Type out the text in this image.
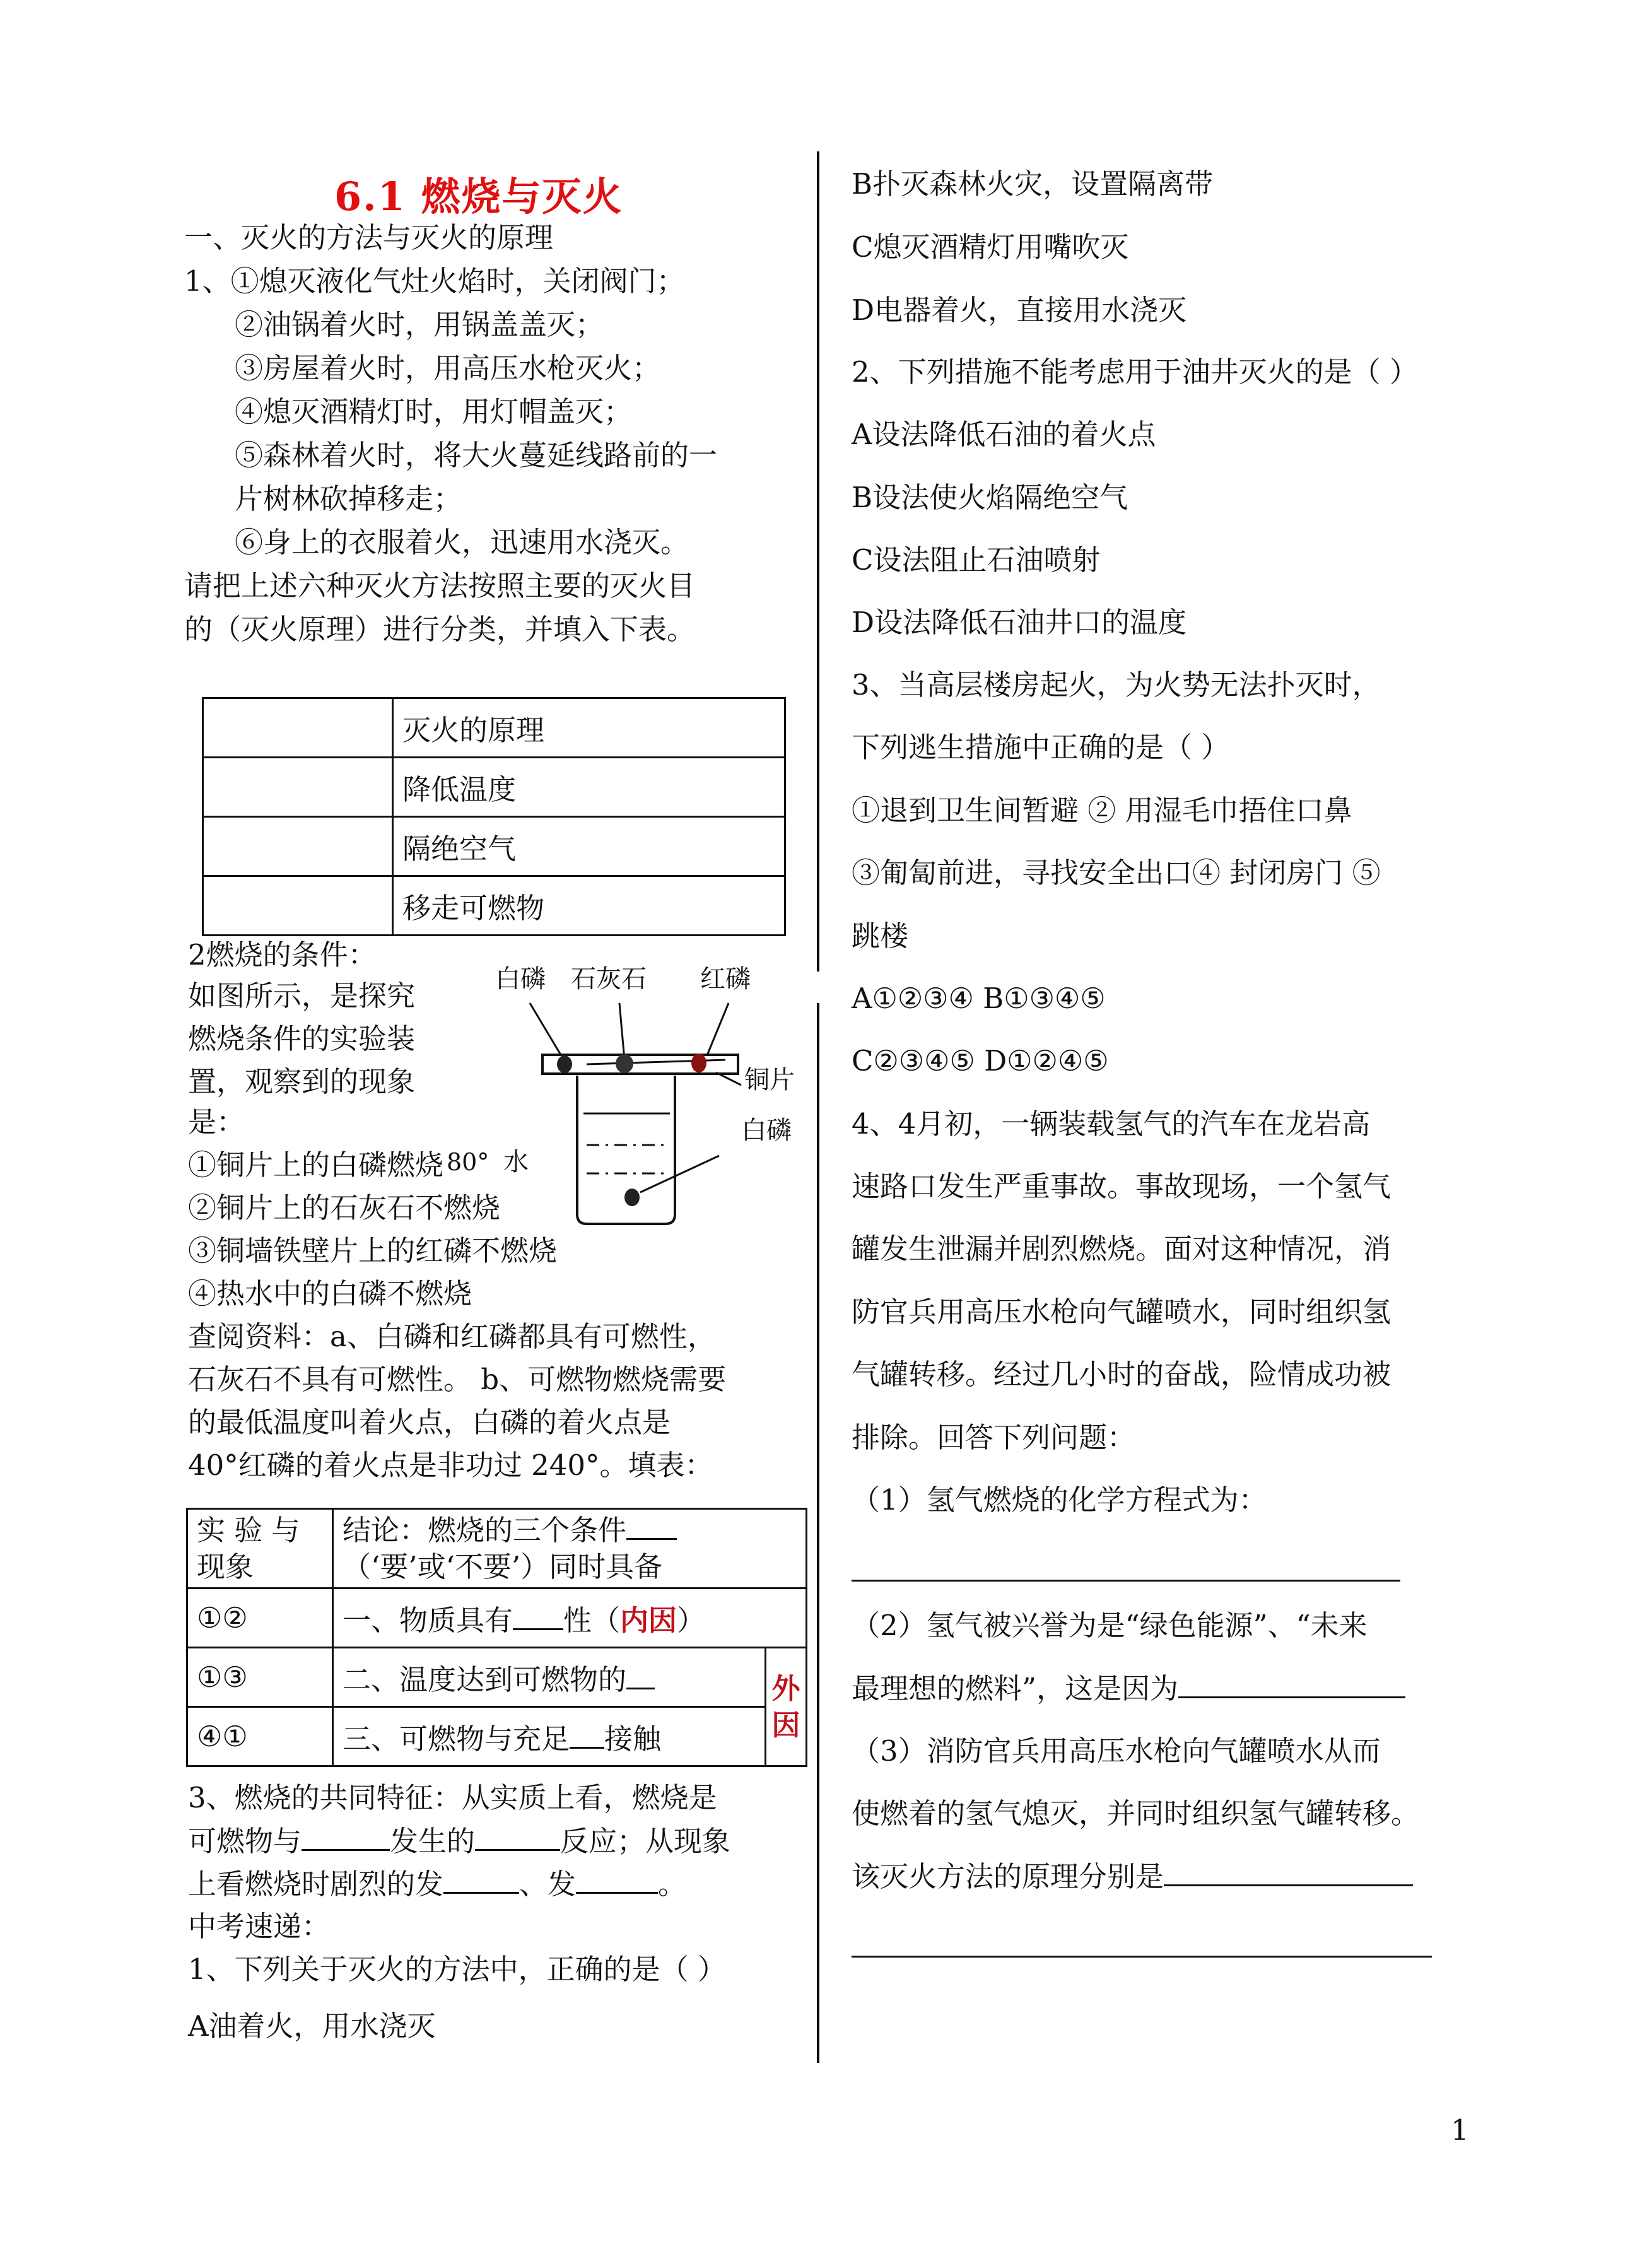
6.1 燃烧与灭火
一、灭火的方法与灭火的原理
1、①熄灭液化气灶火焰时，关闭阀门；
②油锅着火时，用锅盖盖灭；
③房屋着火时，用高压水枪灭火；
④熄灭酒精灯时，用灯帽盖灭；
⑤森林着火时，将大火蔓延线路前的一
片树林砍掉移走；
⑥身上的衣服着火，迅速用水浇灭。
请把上述六种灭火方法按照主要的灭火目
的（灭火原理）进行分类，并填入下表。
	灭火的原理
	降低温度
	隔绝空气
	移走可燃物
2燃烧的条件：
如图所示，是探究
燃烧条件的实验装
置，观察到的现象
是：
白磷 石灰石 红磷
铜片
白磷
80° 水
①铜片上的白磷燃烧
②铜片上的石灰石不燃烧
③铜墙铁壁片上的红磷不燃烧
④热水中的白磷不燃烧
查阅资料：a、白磷和红磷都具有可燃性，
石灰石不具有可燃性。 b、可燃物燃烧需要
的最低温度叫着火点，白磷的着火点是
40°红磷的着火点是非功过 240°。填表：
实 验 与 现象	结论：燃烧的三个条件
（‘要’或‘不要’）同时具备	
①②	一、物质具有 性（内因）	
①③	二、温度达到可燃物的	外因
④①	三、可燃物与充足 接触	
3、燃烧的共同特征：从实质上看，燃烧是
可燃物与	发生的	反应；从现象
上看燃烧时剧烈的发	、发	。
中考速递：
1、下列关于灭火的方法中，正确的是（ ）
A油着火，用水浇灭
B扑灭森林火灾，设置隔离带
C熄灭酒精灯用嘴吹灭
D电器着火，直接用水浇灭
2、下列措施不能考虑用于油井灭火的是（ ）
A设法降低石油的着火点
B设法使火焰隔绝空气
C设法阻止石油喷射
D设法降低石油井口的温度
3、当高层楼房起火，为火势无法扑灭时，
下列逃生措施中正确的是（ ）
①退到卫生间暂避 ② 用湿毛巾捂住口鼻
③匍匐前进，寻找安全出口④ 封闭房门 ⑤
跳楼
A①②③④ B①③④⑤
C②③④⑤ D①②④⑤
4、4月初，一辆装载氢气的汽车在龙岩高
速路口发生严重事故。事故现场，一个氢气
罐发生泄漏并剧烈燃烧。面对这种情况，消
防官兵用高压水枪向气罐喷水，同时组织氢
气罐转移。经过几小时的奋战，险情成功被
排除。回答下列问题：
（1）氢气燃烧的化学方程式为：
（2）氢气被兴誉为是“绿色能源”、“未来
最理想的燃料”，这是因为
（3）消防官兵用高压水枪向气罐喷水从而
使燃着的氢气熄灭，并同时组织氢气罐转移。
该灭火方法的原理分别是
1
